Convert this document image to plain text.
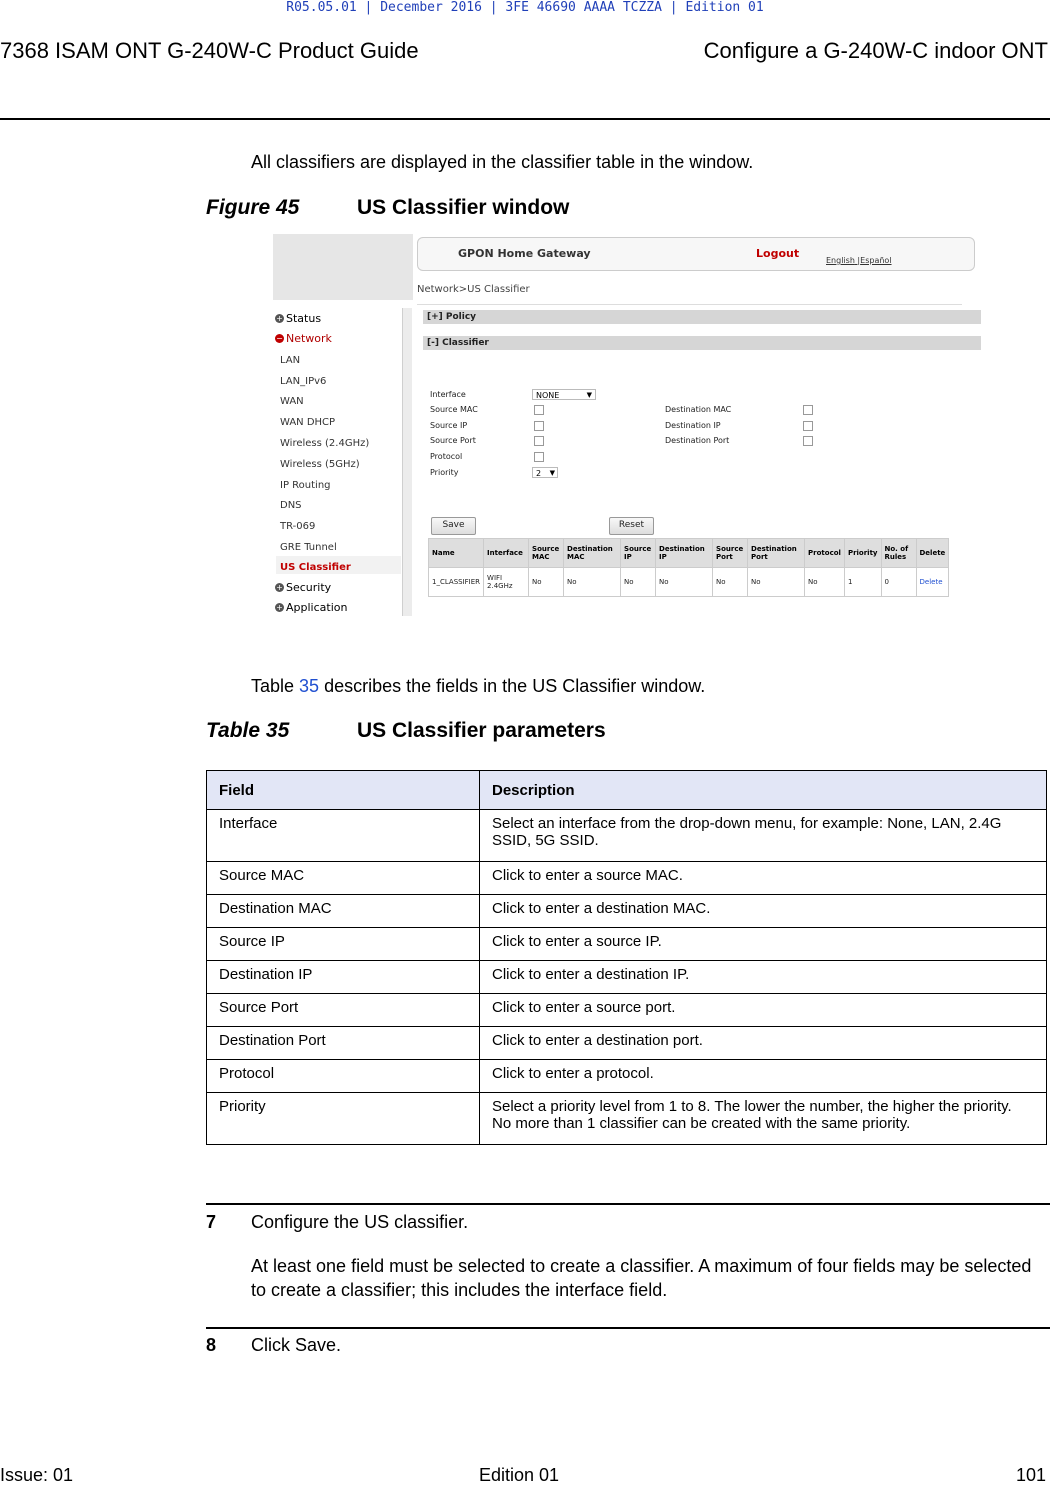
R05.05.01 | December 2016 | 3FE 46690 AAAA TCZZA | Edition 01
7368 ISAM ONT G-240W-C Product Guide	Configure a G-240W-C indoor ONT
All classifiers are displayed in the classifier table in the window.
Figure 45	US Classifier window
+ Status
− Network
LAN
LAN_IPv6
WAN
WAN DHCP
Wireless (2.4GHz)
Wireless (5GHz)
IP Routing
DNS
TR-069
GRE Tunnel
US Classifier
+ Security
+ Application
GPON Home Gateway	Logout
English |Español
Network>US Classifier
[+] Policy
[-] Classifier
Interface	NONE	▼
Source MAC
Source IP
Source Port
Protocol
Priority	2 ▼
Destination MAC
Destination IP
Destination Port
Save	Reset
Name	Interface	Source MAC	Destination MAC	Source IP	Destination IP	Source Port	Destination Port	Protocol	Priority	No. of Rules	Delete
1_CLASSIFIER	WIFI 2.4GHz	No	No	No	No	No	No	No	1	0	Delete
Table 35 describes the fields in the US Classifier window.
Table 35	US Classifier parameters
Field	Description
Interface	Select an interface from the drop-down menu, for example: None, LAN, 2.4G SSID, 5G SSID.
Source MAC	Click to enter a source MAC.
Destination MAC	Click to enter a destination MAC.
Source IP	Click to enter a source IP.
Destination IP	Click to enter a destination IP.
Source Port	Click to enter a source port.
Destination Port	Click to enter a destination port.
Protocol	Click to enter a protocol.
Priority	Select a priority level from 1 to 8. The lower the number, the higher the priority. No more than 1 classifier can be created with the same priority.
7 Configure the US classifier.
At least one field must be selected to create a classifier. A maximum of four fields may be selected to create a classifier; this includes the interface field.
8 Click Save.
Issue: 01	Edition 01	101
